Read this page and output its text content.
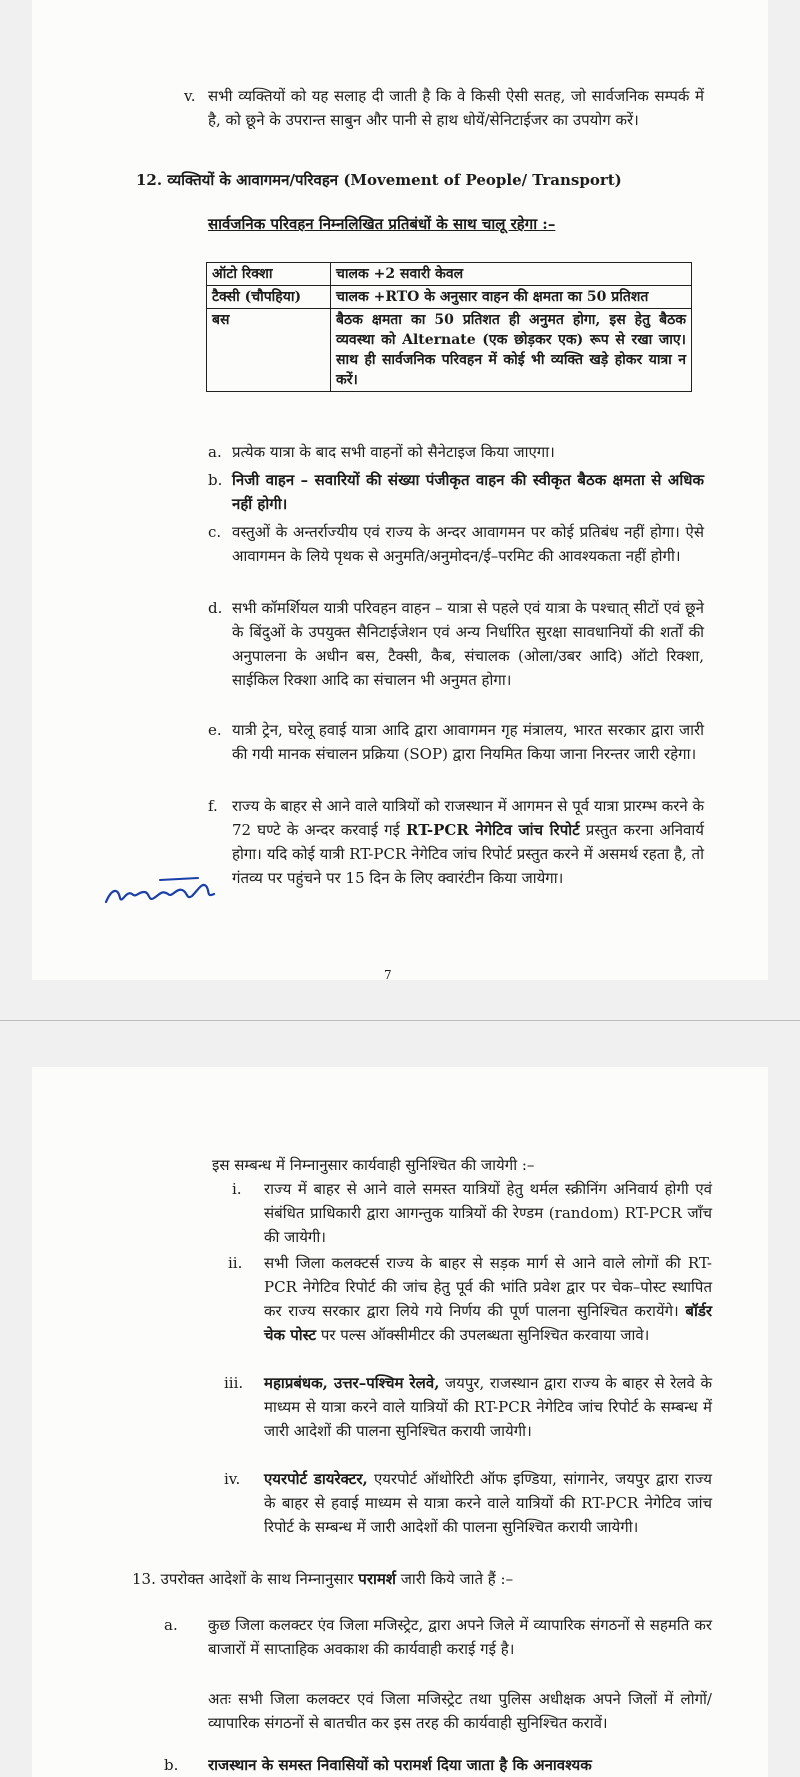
v. सभी व्यक्तियों को यह सलाह दी जाती है कि वे किसी ऐसी सतह, जो सार्वजनिक सम्पर्क में है, को छूने के उपरान्त साबुन और पानी से हाथ धोयें/सेनिटाईजर का उपयोग करें।
12. व्यक्तियों के आवागमन/परिवहन (Movement of People/ Transport)
सार्वजनिक परिवहन निम्नलिखित प्रतिबंधों के साथ चालू रहेगा :–
ऑटो रिक्शा	चालक +2 सवारी केवल
टैक्सी (चौपहिया)	चालक +RTO के अनुसार वाहन की क्षमता का 50 प्रतिशत
बस	बैठक क्षमता का 50 प्रतिशत ही अनुमत होगा, इस हेतु बैठक व्यवस्था को Alternate (एक छोड़कर एक) रूप से रखा जाए। साथ ही सार्वजनिक परिवहन में कोई भी व्यक्ति खड़े होकर यात्रा न करें।
a. प्रत्येक यात्रा के बाद सभी वाहनों को सैनेटाइज किया जाएगा।
b. निजी वाहन – सवारियों की संख्या पंजीकृत वाहन की स्वीकृत बैठक क्षमता से अधिक नहीं होगी।
c. वस्तुओं के अन्तर्राज्यीय एवं राज्य के अन्दर आवागमन पर कोई प्रतिबंध नहीं होगा। ऐसे आवागमन के लिये पृथक से अनुमति/अनुमोदन/ई–परमिट की आवश्यकता नहीं होगी।
d. सभी कॉमर्शियल यात्री परिवहन वाहन – यात्रा से पहले एवं यात्रा के पश्चात् सीटों एवं छूने के बिंदुओं के उपयुक्त सैनिटाईजेशन एवं अन्य निर्धारित सुरक्षा सावधानियों की शर्तों की अनुपालना के अधीन बस, टैक्सी, कैब, संचालक (ओला/उबर आदि) ऑटो रिक्शा, साईकिल रिक्शा आदि का संचालन भी अनुमत होगा।
e. यात्री ट्रेन, घरेलू हवाई यात्रा आदि द्वारा आवागमन गृह मंत्रालय, भारत सरकार द्वारा जारी की गयी मानक संचालन प्रक्रिया (SOP) द्वारा नियमित किया जाना निरन्तर जारी रहेगा।
f. राज्य के बाहर से आने वाले यात्रियों को राजस्थान में आगमन से पूर्व यात्रा प्रारम्भ करने के 72 घण्टे के अन्दर करवाई गई RT-PCR नेगेटिव जांच रिपोर्ट प्रस्तुत करना अनिवार्य होगा। यदि कोई यात्री RT-PCR नेगेटिव जांच रिपोर्ट प्रस्तुत करने में असमर्थ रहता है, तो गंतव्य पर पहुंचने पर 15 दिन के लिए क्वारंटीन किया जायेगा।
7
इस सम्बन्ध में निम्नानुसार कार्यवाही सुनिश्चित की जायेगी :–
i. राज्य में बाहर से आने वाले समस्त यात्रियों हेतु थर्मल स्क्रीनिंग अनिवार्य होगी एवं संबंधित प्राधिकारी द्वारा आगन्तुक यात्रियों की रेण्डम (random) RT-PCR जाँच की जायेगी।
ii. सभी जिला कलक्टर्स राज्य के बाहर से सड़क मार्ग से आने वाले लोगों की RT-PCR नेगेटिव रिपोर्ट की जांच हेतु पूर्व की भांति प्रवेश द्वार पर चेक–पोस्ट स्थापित कर राज्य सरकार द्वारा लिये गये निर्णय की पूर्ण पालना सुनिश्चित करायेंगे। बॉर्डर चेक पोस्ट पर पल्स ऑक्सीमीटर की उपलब्धता सुनिश्चित करवाया जावे।
iii. महाप्रबंधक, उत्तर–पश्चिम रेलवे, जयपुर, राजस्थान द्वारा राज्य के बाहर से रेलवे के माध्यम से यात्रा करने वाले यात्रियों की RT-PCR नेगेटिव जांच रिपोर्ट के सम्बन्ध में जारी आदेशों की पालना सुनिश्चित करायी जायेगी।
iv. एयरपोर्ट डायरेक्टर, एयरपोर्ट ऑथोरिटी ऑफ इण्डिया, सांगानेर, जयपुर द्वारा राज्य के बाहर से हवाई माध्यम से यात्रा करने वाले यात्रियों की RT-PCR नेगेटिव जांच रिपोर्ट के सम्बन्ध में जारी आदेशों की पालना सुनिश्चित करायी जायेगी।
13. उपरोक्त आदेशों के साथ निम्नानुसार परामर्श जारी किये जाते हैं :–
a. कुछ जिला कलक्टर एंव जिला मजिस्ट्रेट, द्वारा अपने जिले में व्यापारिक संगठनों से सहमति कर बाजारों में साप्ताहिक अवकाश की कार्यवाही कराई गई है।
अतः सभी जिला कलक्टर एवं जिला मजिस्ट्रेट तथा पुलिस अधीक्षक अपने जिलों में लोगों/व्यापारिक संगठनों से बातचीत कर इस तरह की कार्यवाही सुनिश्चित करावें।
b. राजस्थान के समस्त निवासियों को परामर्श दिया जाता है कि अनावश्यक
